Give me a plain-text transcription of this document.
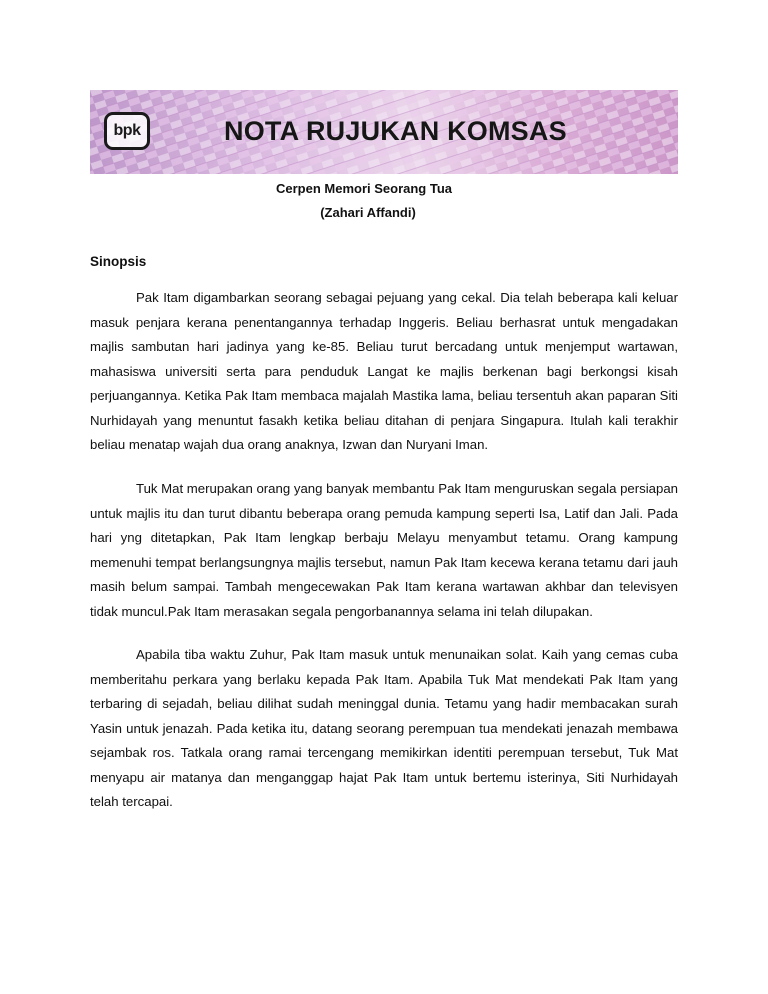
bpk	NOTA RUJUKAN KOMSAS
Cerpen Memori Seorang Tua
(Zahari Affandi)
Sinopsis

Pak Itam digambarkan seorang sebagai pejuang yang cekal. Dia telah beberapa kali keluar masuk penjara kerana penentangannya terhadap Inggeris. Beliau berhasrat untuk mengadakan majlis sambutan hari jadinya yang ke-85. Beliau turut bercadang untuk menjemput wartawan, mahasiswa universiti serta para penduduk Langat ke majlis berkenan bagi berkongsi kisah perjuangannya. Ketika Pak Itam membaca majalah Mastika lama, beliau tersentuh akan paparan Siti Nurhidayah yang menuntut fasakh ketika beliau ditahan di penjara Singapura. Itulah kali terakhir beliau menatap wajah dua orang anaknya, Izwan dan Nuryani Iman.

Tuk Mat merupakan orang yang banyak membantu Pak Itam menguruskan segala persiapan untuk majlis itu dan turut dibantu beberapa orang pemuda kampung seperti Isa, Latif dan Jali. Pada hari yng ditetapkan, Pak Itam lengkap berbaju Melayu menyambut tetamu. Orang kampung memenuhi tempat berlangsungnya majlis tersebut, namun Pak Itam kecewa kerana tetamu dari jauh masih belum sampai. Tambah mengecewakan Pak Itam kerana wartawan akhbar dan televisyen tidak muncul.Pak Itam merasakan segala pengorbanannya selama ini telah dilupakan.

Apabila tiba waktu Zuhur, Pak Itam masuk untuk menunaikan solat. Kaih yang cemas cuba memberitahu perkara yang berlaku kepada Pak Itam. Apabila Tuk Mat mendekati Pak Itam yang terbaring di sejadah, beliau dilihat sudah meninggal dunia. Tetamu yang hadir membacakan surah Yasin untuk jenazah. Pada ketika itu, datang seorang perempuan tua mendekati jenazah membawa sejambak ros. Tatkala orang ramai tercengang memikirkan identiti perempuan tersebut, Tuk Mat menyapu air matanya dan menganggap hajat Pak Itam untuk bertemu isterinya, Siti Nurhidayah telah tercapai.
